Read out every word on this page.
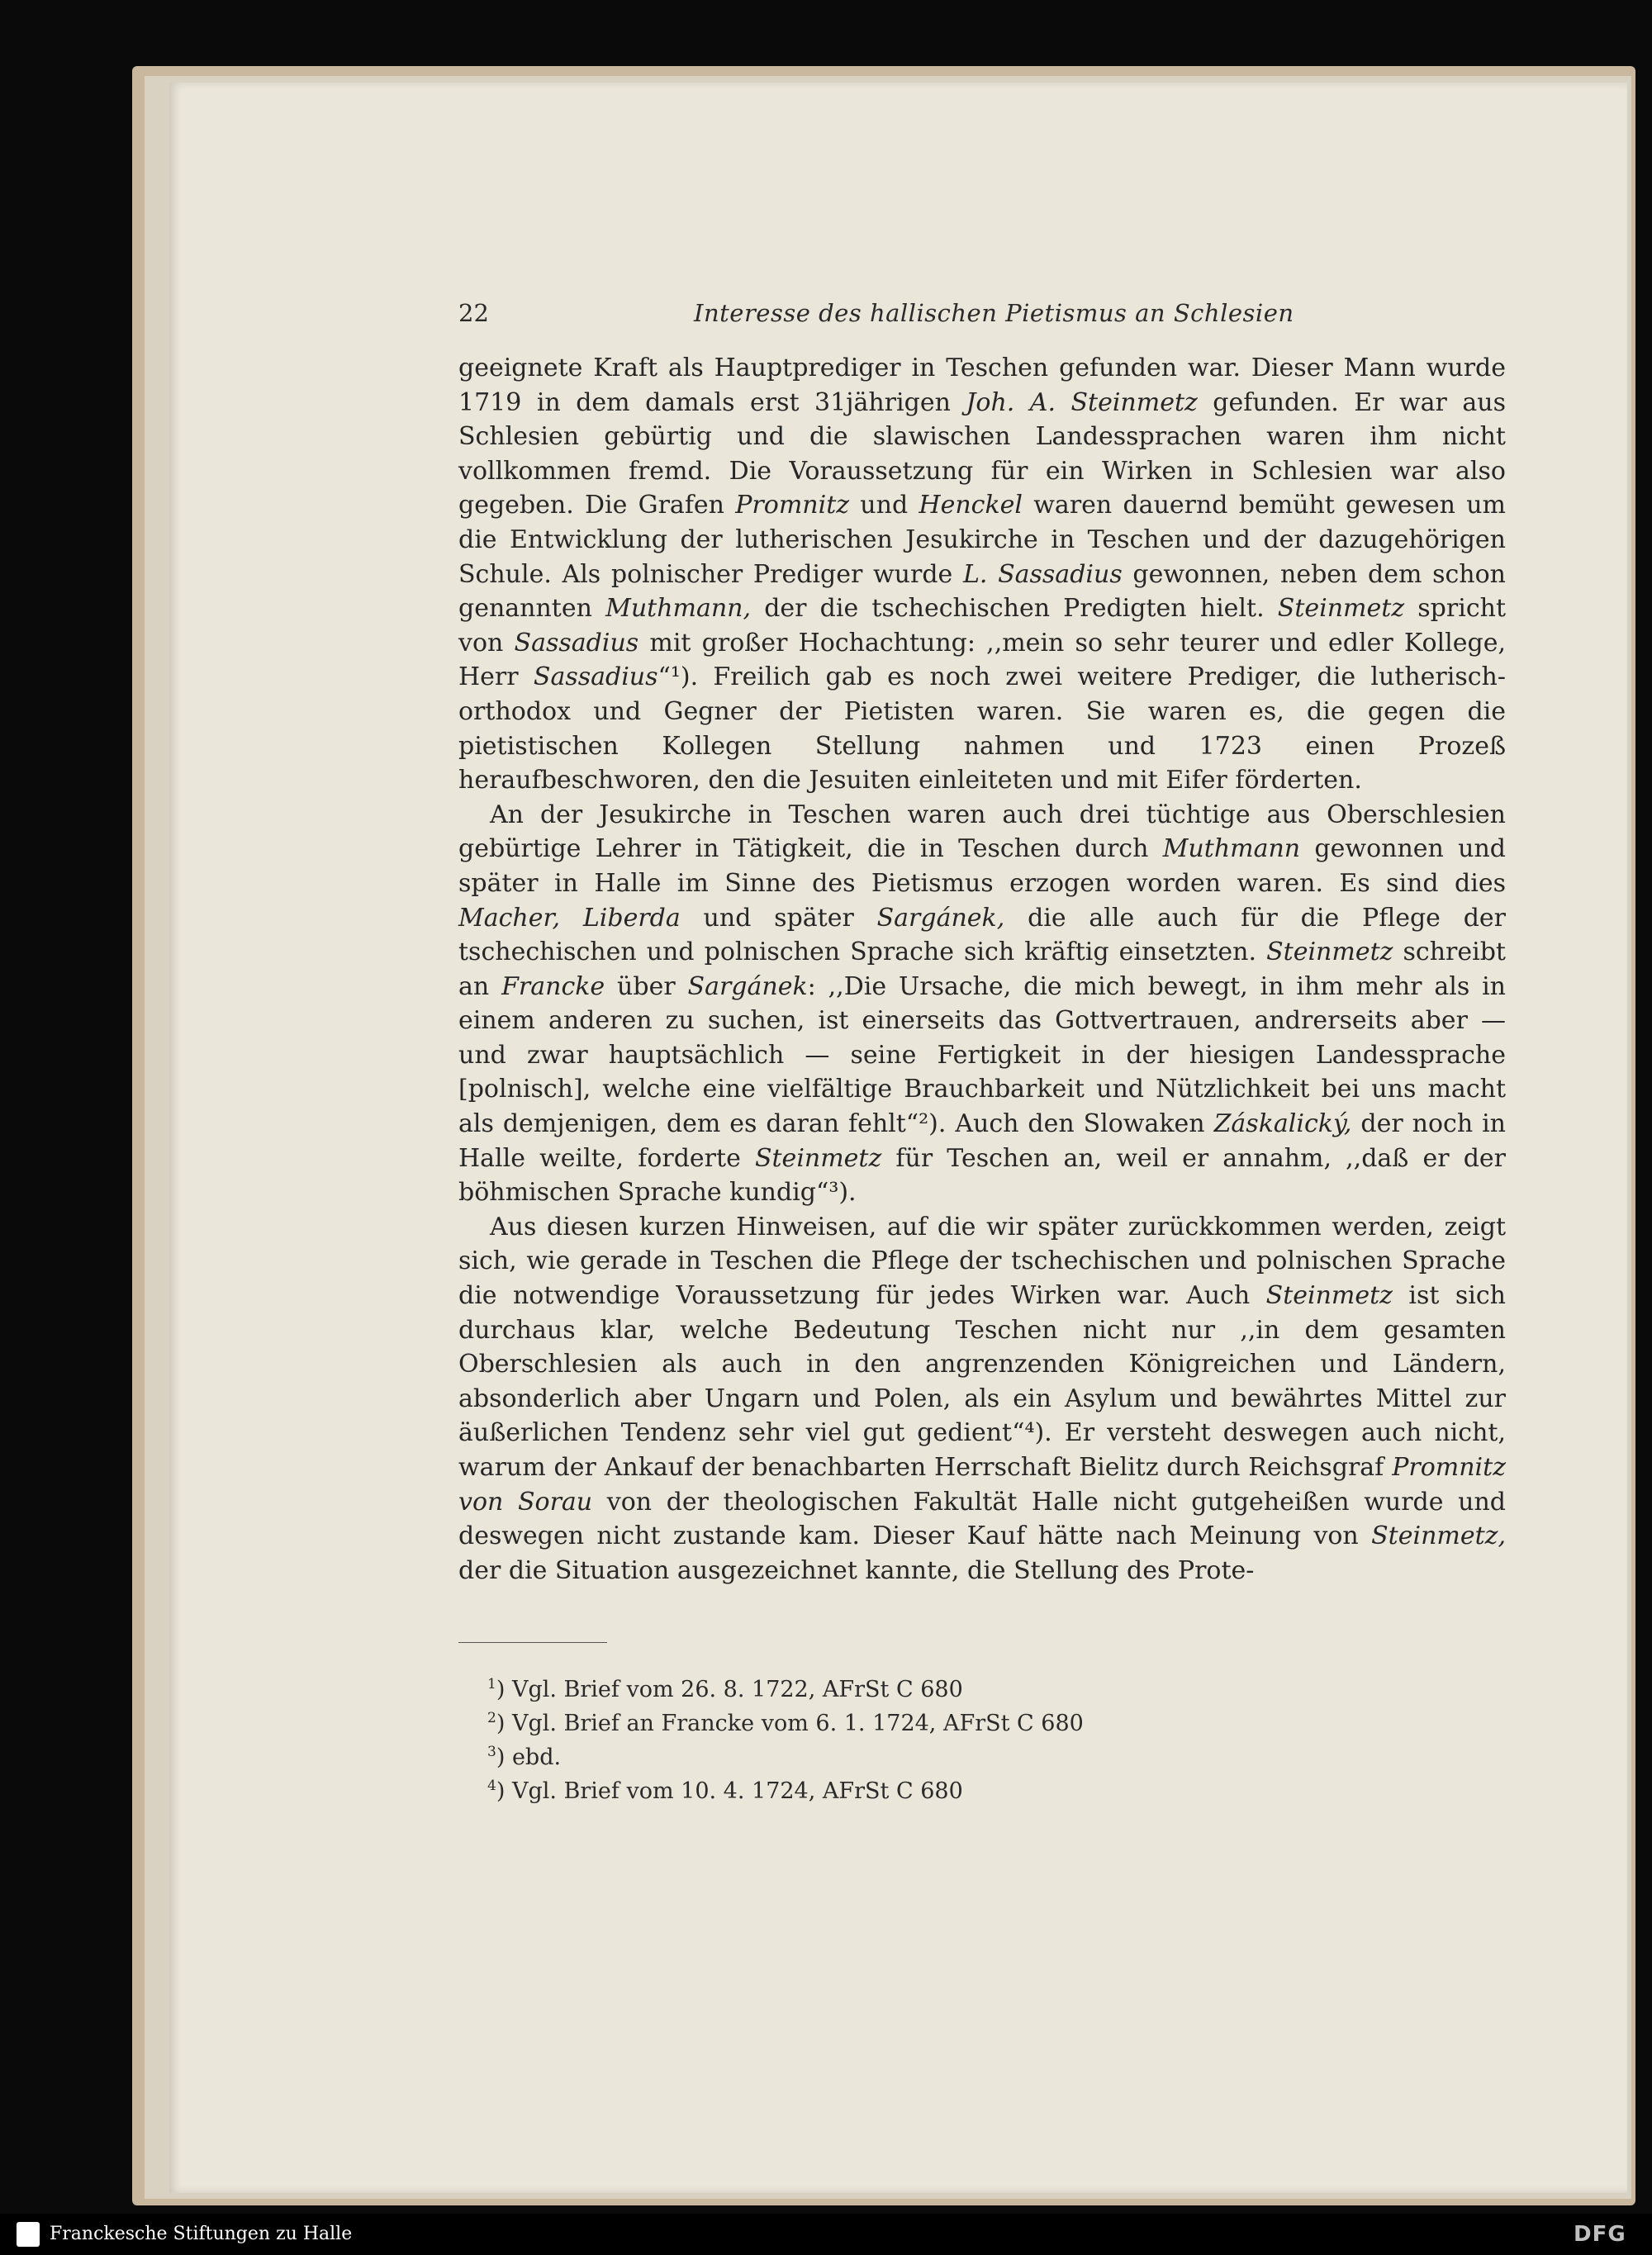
22	Interesse des hallischen Pietismus an Schlesien

geeignete Kraft als Hauptprediger in Teschen gefunden war. Dieser Mann wurde 1719 in dem damals erst 31jährigen Joh. A. Steinmetz gefunden. Er war aus Schlesien gebürtig und die slawischen Landessprachen waren ihm nicht vollkommen fremd. Die Voraussetzung für ein Wirken in Schlesien war also gegeben. Die Grafen Promnitz und Henckel waren dauernd bemüht gewesen um die Entwicklung der lutherischen Jesukirche in Teschen und der dazugehörigen Schule. Als polnischer Prediger wurde L. Sassadius gewonnen, neben dem schon genannten Muthmann, der die tschechischen Predigten hielt. Steinmetz spricht von Sassadius mit großer Hochachtung: ,,mein so sehr teurer und edler Kollege, Herr Sassadius“¹). Freilich gab es noch zwei weitere Prediger, die lutherisch-orthodox und Gegner der Pietisten waren. Sie waren es, die gegen die pietistischen Kollegen Stellung nahmen und 1723 einen Prozeß heraufbeschworen, den die Jesuiten einleiteten und mit Eifer förderten.

An der Jesukirche in Teschen waren auch drei tüchtige aus Oberschlesien gebürtige Lehrer in Tätigkeit, die in Teschen durch Muthmann gewonnen und später in Halle im Sinne des Pietismus erzogen worden waren. Es sind dies Macher, Liberda und später Sargánek, die alle auch für die Pflege der tschechischen und polnischen Sprache sich kräftig einsetzten. Steinmetz schreibt an Francke über Sargánek: ,,Die Ursache, die mich bewegt, in ihm mehr als in einem anderen zu suchen, ist einerseits das Gottvertrauen, andrerseits aber — und zwar hauptsächlich — seine Fertigkeit in der hiesigen Landessprache [polnisch], welche eine vielfältige Brauchbarkeit und Nützlichkeit bei uns macht als demjenigen, dem es daran fehlt“²). Auch den Slowaken Záskalický, der noch in Halle weilte, forderte Steinmetz für Teschen an, weil er annahm, ,,daß er der böhmischen Sprache kundig“³).

Aus diesen kurzen Hinweisen, auf die wir später zurückkommen werden, zeigt sich, wie gerade in Teschen die Pflege der tschechischen und polnischen Sprache die notwendige Voraussetzung für jedes Wirken war. Auch Steinmetz ist sich durchaus klar, welche Bedeutung Teschen nicht nur ,,in dem gesamten Oberschlesien als auch in den angrenzenden Königreichen und Ländern, absonderlich aber Ungarn und Polen, als ein Asylum und bewährtes Mittel zur äußerlichen Tendenz sehr viel gut gedient“⁴). Er versteht deswegen auch nicht, warum der Ankauf der benachbarten Herrschaft Bielitz durch Reichsgraf Promnitz von Sorau von der theologischen Fakultät Halle nicht gutgeheißen wurde und deswegen nicht zustande kam. Dieser Kauf hätte nach Meinung von Steinmetz, der die Situation ausgezeichnet kannte, die Stellung des Prote-

$^1$) Vgl. Brief vom 26. 8. 1722, AFrSt C 680

$^2$) Vgl. Brief an Francke vom 6. 1. 1724, AFrSt C 680

$^3$) ebd.

$^4$) Vgl. Brief vom 10. 4. 1724, AFrSt C 680

Franckesche Stiftungen zu Halle	DFG
